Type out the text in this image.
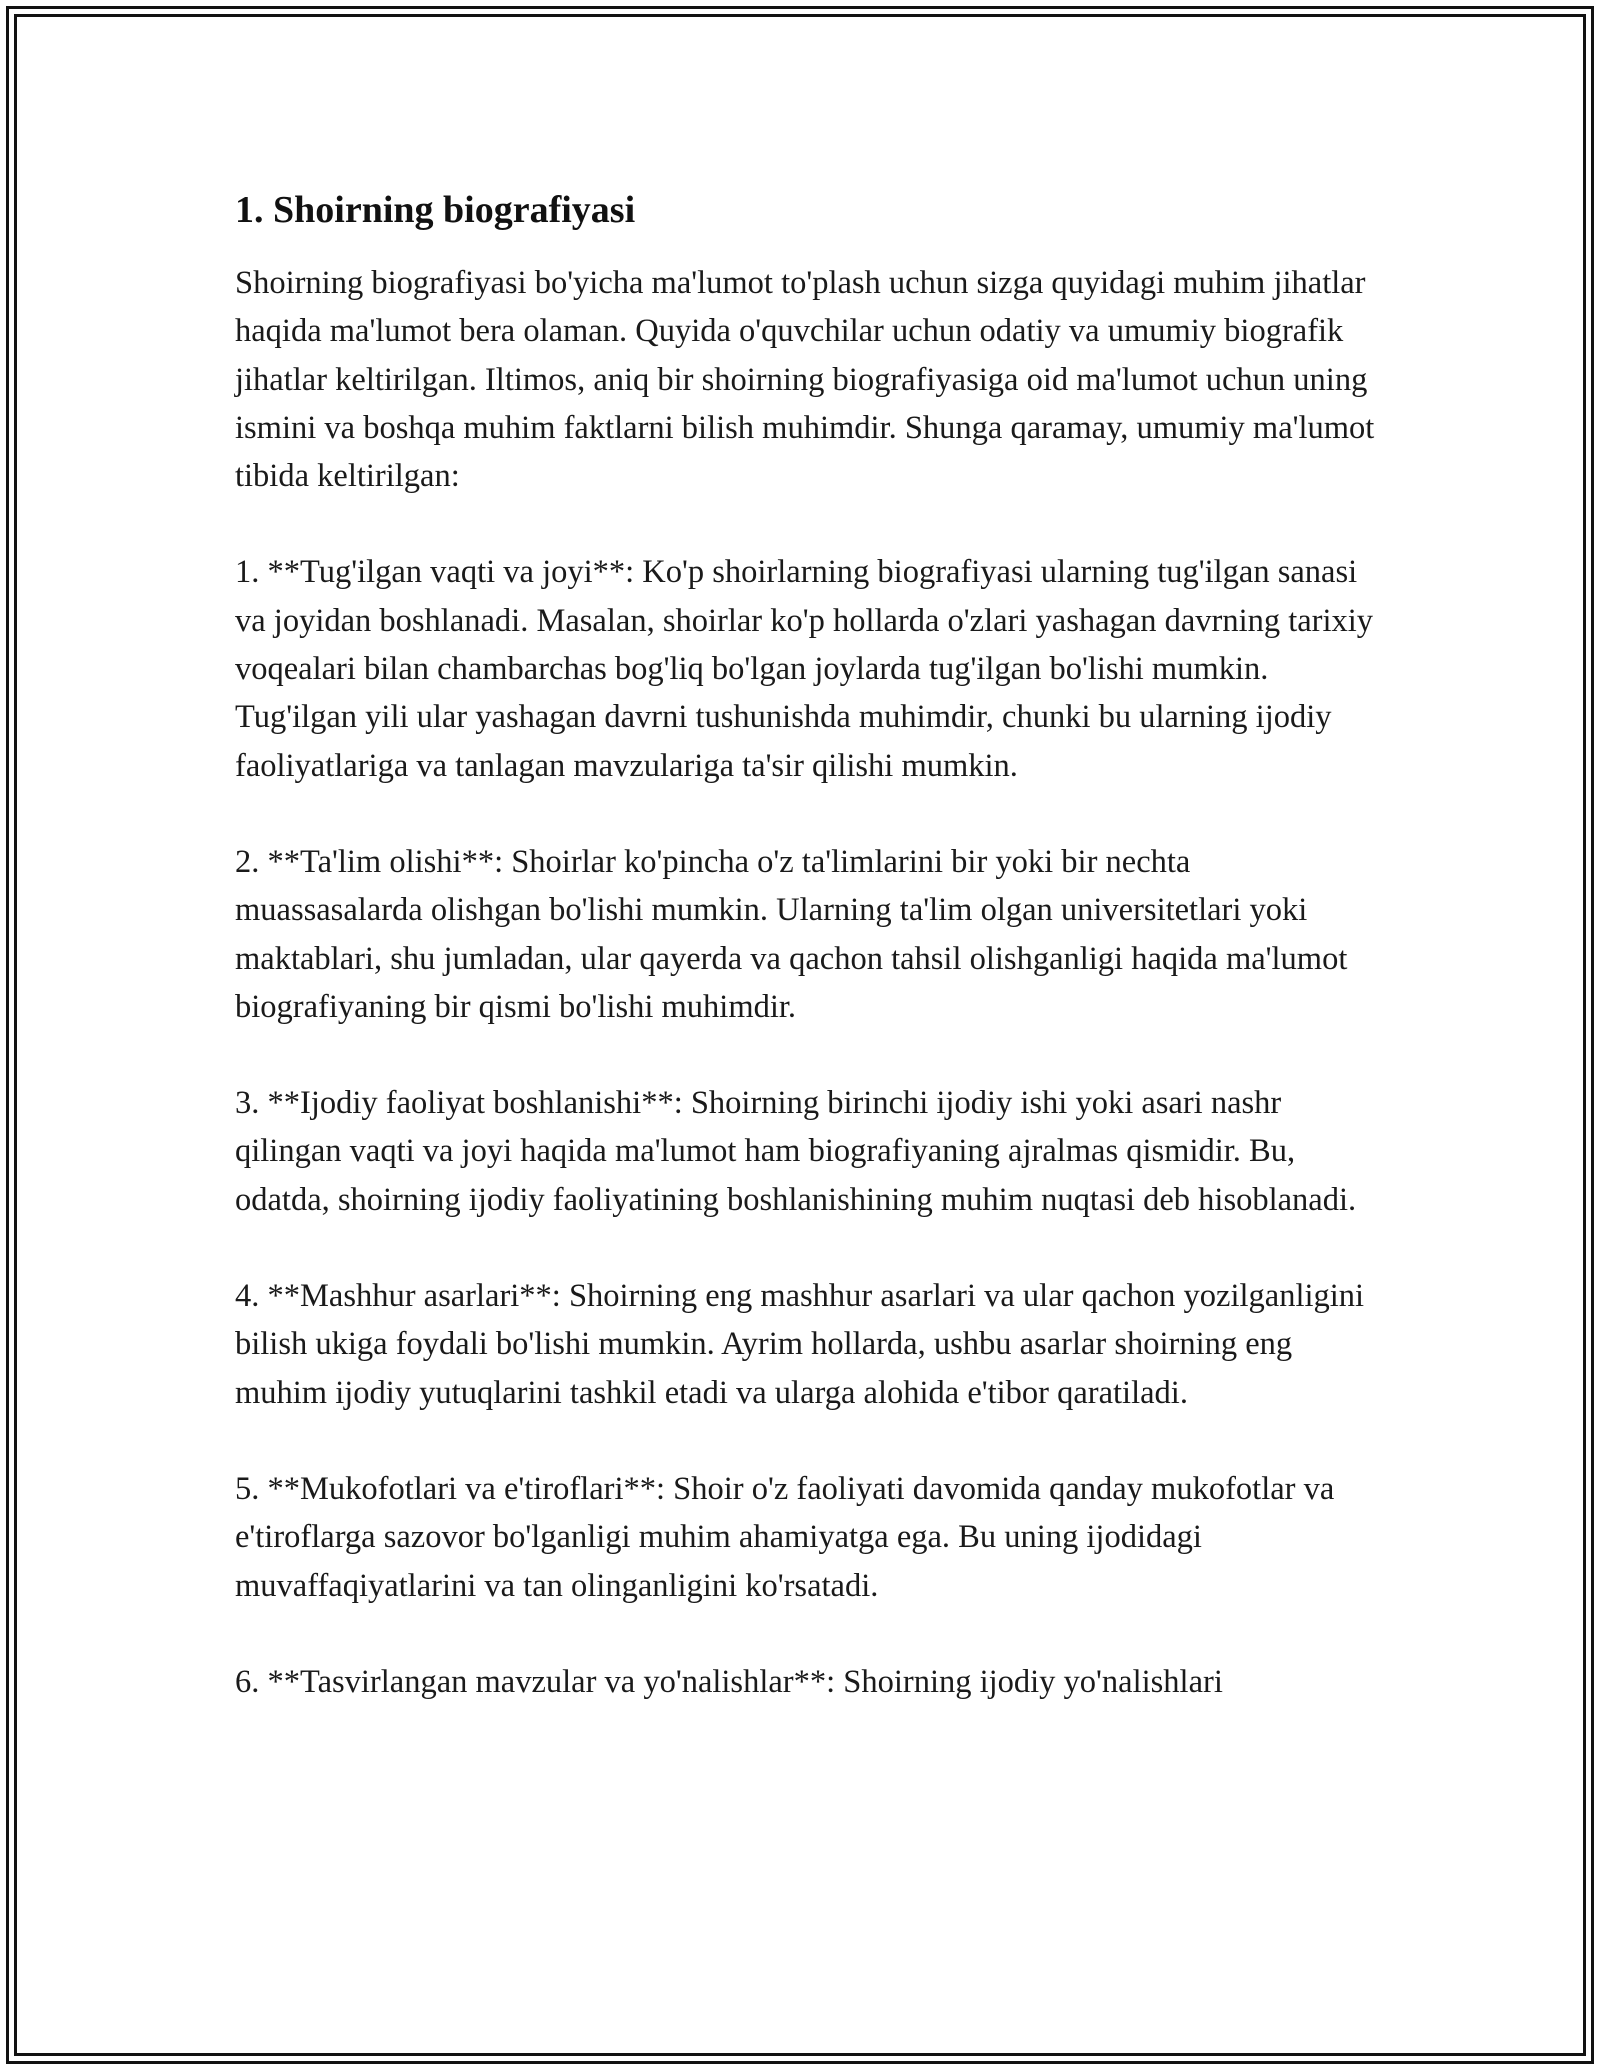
1. Shoirning biografiyasi

Shoirning biografiyasi bo'yicha ma'lumot to'plash uchun sizga quyidagi muhim jihatlar haqida ma'lumot bera olaman. Quyida o'quvchilar uchun odatiy va umumiy biografik jihatlar keltirilgan. Iltimos, aniq bir shoirning biografiyasiga oid ma'lumot uchun uning ismini va boshqa muhim faktlarni bilish muhimdir. Shunga qaramay, umumiy ma'lumot tibida keltirilgan:

1. **Tug'ilgan vaqti va joyi**: Ko'p shoirlarning biografiyasi ularning tug'ilgan sanasi va joyidan boshlanadi. Masalan, shoirlar ko'p hollarda o'zlari yashagan davrning tarixiy voqealari bilan chambarchas bog'liq bo'lgan joylarda tug'ilgan bo'lishi mumkin. Tug'ilgan yili ular yashagan davrni tushunishda muhimdir, chunki bu ularning ijodiy faoliyatlariga va tanlagan mavzulariga ta'sir qilishi mumkin.

2. **Ta'lim olishi**: Shoirlar ko'pincha o'z ta'limlarini bir yoki bir nechta muassasalarda olishgan bo'lishi mumkin. Ularning ta'lim olgan universitetlari yoki maktablari, shu jumladan, ular qayerda va qachon tahsil olishganligi haqida ma'lumot biografiyaning bir qismi bo'lishi muhimdir.

3. **Ijodiy faoliyat boshlanishi**: Shoirning birinchi ijodiy ishi yoki asari nashr qilingan vaqti va joyi haqida ma'lumot ham biografiyaning ajralmas qismidir. Bu, odatda, shoirning ijodiy faoliyatining boshlanishining muhim nuqtasi deb hisoblanadi.

4. **Mashhur asarlari**: Shoirning eng mashhur asarlari va ular qachon yozilganligini bilish ukiga foydali bo'lishi mumkin. Ayrim hollarda, ushbu asarlar shoirning eng muhim ijodiy yutuqlarini tashkil etadi va ularga alohida e'tibor qaratiladi.

5. **Mukofotlari va e'tiroflari**: Shoir o'z faoliyati davomida qanday mukofotlar va e'tiroflarga sazovor bo'lganligi muhim ahamiyatga ega. Bu uning ijodidagi muvaffaqiyatlarini va tan olinganligini ko'rsatadi.

6. **Tasvirlangan mavzular va yo'nalishlar**: Shoirning ijodiy yo'nalishlari
